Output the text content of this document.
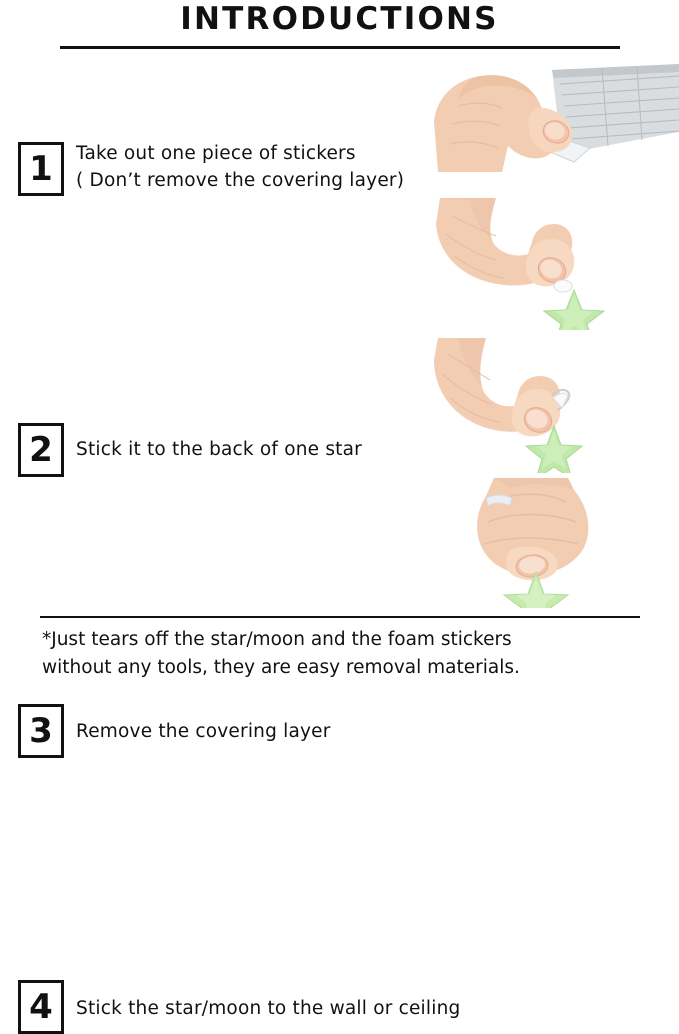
INTRODUCTIONS
1	Take out one piece of stickers
( Don’t remove the covering layer)
2	Stick it to the back of one star
3	Remove the covering layer
4	Stick the star/moon to the wall or ceiling
*Just tears off the star/moon and the foam stickers
without any tools, they are easy removal materials.
